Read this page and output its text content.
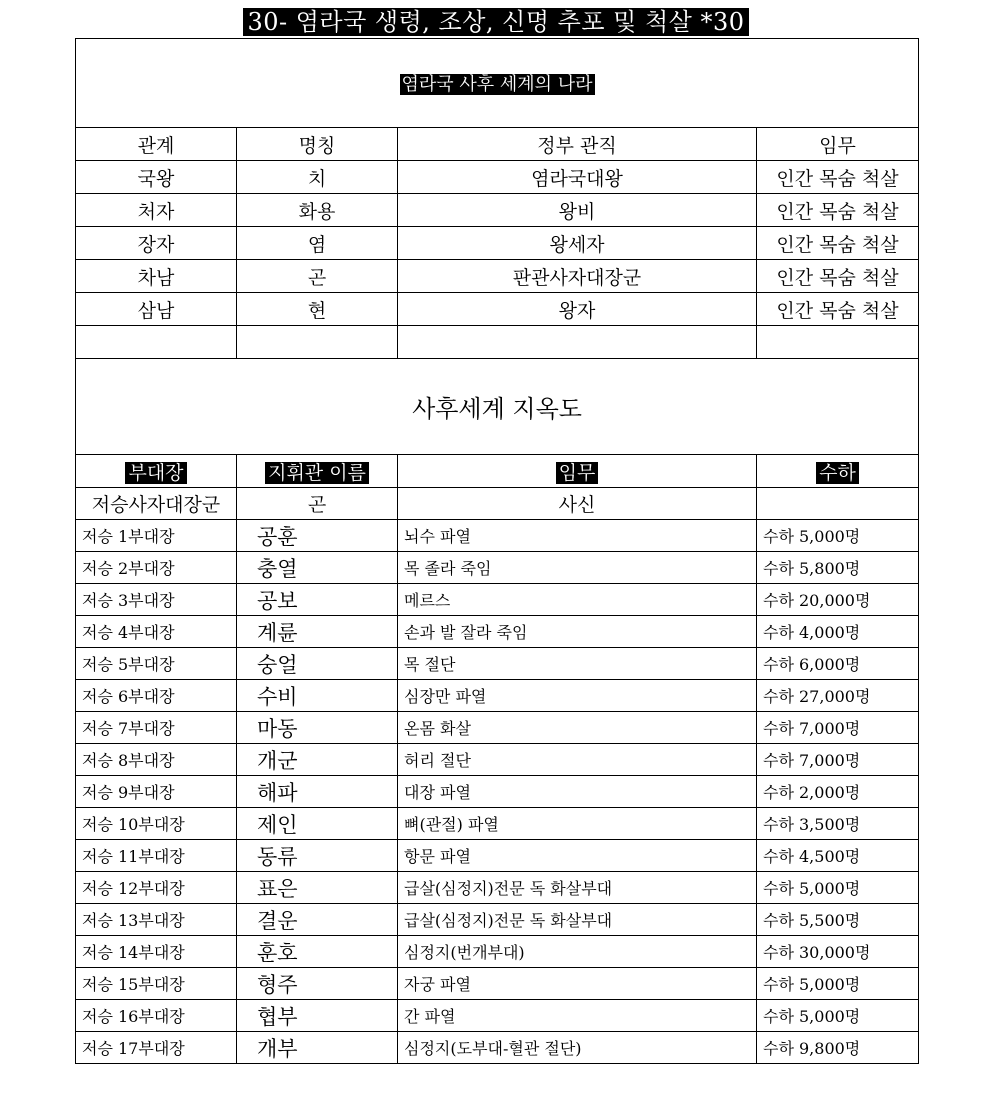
30- 염라국 생령, 조상, 신명 추포 및 척살 *30
염라국 사후 세계의 나라			
관계	명칭	정부 관직	임무
국왕	치	염라국대왕	인간 목숨 척살
처자	화용	왕비	인간 목숨 척살
장자	염	왕세자	인간 목숨 척살
차남	곤	판관사자대장군	인간 목숨 척살
삼남	현	왕자	인간 목숨 척살

사후세계 지옥도			
부대장	지휘관 이름	임무	수하
저승사자대장군	곤	사신	
저승 1부대장	공훈	뇌수 파열	수하 5,000명
저승 2부대장	충열	목 졸라 죽임	수하 5,800명
저승 3부대장	공보	메르스	수하 20,000명
저승 4부대장	계륜	손과 발 잘라 죽임	수하 4,000명
저승 5부대장	숭얼	목 절단	수하 6,000명
저승 6부대장	수비	심장만 파열	수하 27,000명
저승 7부대장	마동	온몸 화살	수하 7,000명
저승 8부대장	개군	허리 절단	수하 7,000명
저승 9부대장	해파	대장 파열	수하 2,000명
저승 10부대장	제인	뼈(관절) 파열	수하 3,500명
저승 11부대장	동류	항문 파열	수하 4,500명
저승 12부대장	표은	급살(심정지)전문 독 화살부대	수하 5,000명
저승 13부대장	결운	급살(심정지)전문 독 화살부대	수하 5,500명
저승 14부대장	훈호	심정지(번개부대)	수하 30,000명
저승 15부대장	형주	자궁 파열	수하 5,000명
저승 16부대장	협부	간 파열	수하 5,000명
저승 17부대장	개부	심정지(도부대-혈관 절단)	수하 9,800명
